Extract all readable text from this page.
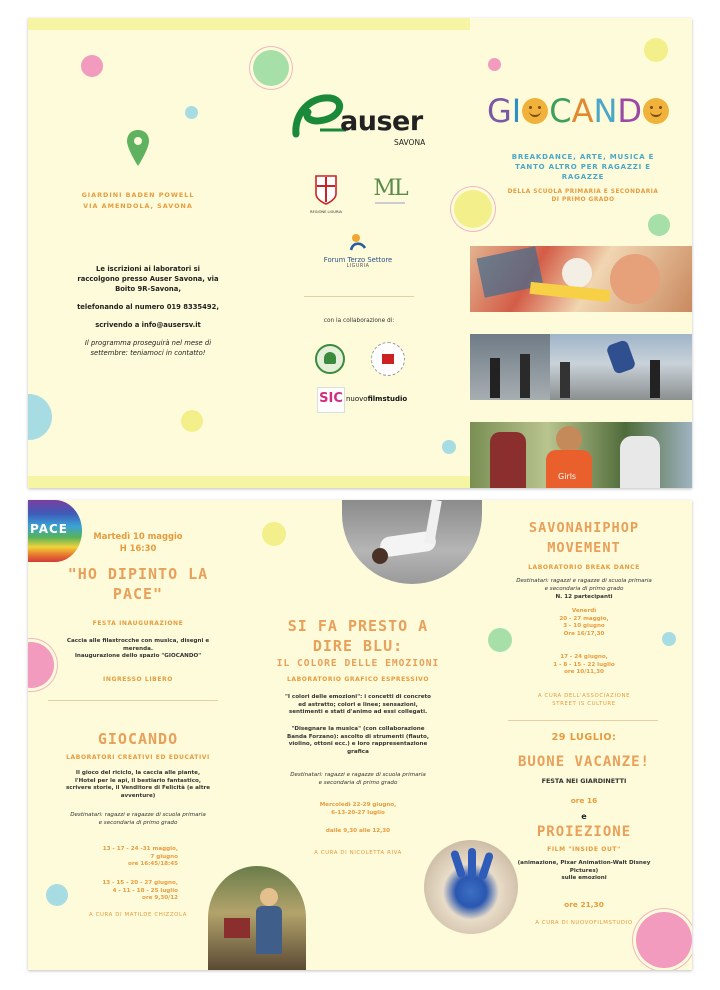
GIARDINI BADEN POWELL
VIA AMENDOLA, SAVONA
Le iscrizioni ai laboratori si
raccolgono presso Auser Savona, via
Boito 9R-Savona,
telefonando al numero 019 8335492,
scrivendo a info@ausersv.it
Il programma proseguirà nel mese di
settembre: teniamoci in contatto!
auser
SAVONA
REGIONE LIGURIA
ML
Forum Terzo Settore
LIGURIA
con la collaborazione di:
SIC nuovofilmstudio
GI CAND
BREAKDANCE, ARTE, MUSICA E
TANTO ALTRO PER RAGAZZI E
RAGAZZE
DELLA SCUOLA PRIMARIA E SECONDARIA
DI PRIMO GRADO
Girls
PACE	Martedì 10 maggio
H 16:30
"HO DIPINTO LA
PACE"
FESTA INAUGURAZIONE
Caccia alle filastrocche con musica, disegni e
merenda.
Inaugurazione dello spazio "GIOCANDO"
INGRESSO LIBERO
GIOCANDO
LABORATORI CREATIVI ED EDUCATIVI
Il gioco del riciclo, la caccia alle piante,
l'Hotel per le api, il bestiario fantastico,
scrivere storie, il Venditore di Felicità (e altre
avventure)
Destinatari: ragazzi e ragazze di scuola primaria
e secondaria di primo grado
13 - 17 - 24 -31 maggio,
7 giugno
ore 16:45/18:45
13 - 15 - 20 - 27 giugno,
4 - 11 - 18 - 25 luglio
ore 9,30/12
A CURA DI MATILDE CHIZZOLA
SI FA PRESTO A
DIRE BLU:
IL COLORE DELLE EMOZIONI
LABORATORIO GRAFICO ESPRESSIVO
"I colori delle emozioni": i concetti di concreto
ed astratto; colori e linee; sensazioni,
sentimenti e stati d'animo ad essi collegati.
"Disegnare la musica" (con collaborazione
Banda Forzano): ascolto di strumenti (flauto,
violino, ottoni ecc.) e loro rappresentazione
grafica
Destinatari: ragazzi e ragazze di scuola primaria
e secondaria di primo grado
Mercoledì 22-29 giugno,
6-13-20-27 luglio
dalle 9,30 alle 12,30
A CURA DI NICOLETTA RIVA
SAVONAHIPHOP
MOVEMENT
LABORATORIO BREAK DANCE
Destinatari: ragazzi e ragazze di scuola primaria
e secondaria di primo grado
N. 12 partecipanti
Venerdì
20 - 27 maggio,
3 - 10 giugno
Ore 16/17,30
17 - 24 giugno,
1 - 8 - 15 - 22 luglio
ore 10/11,30
A CURA DELL'ASSOCIAZIONE
STREET IS CULTURE
29 LUGLIO:
BUONE VACANZE!
FESTA NEI GIARDINETTI
ore 16
e
PROIEZIONE
FILM "INSIDE OUT"
(animazione, Pixar Animation-Walt Disney
Pictures)
sulle emozioni
ore 21,30
A CURA DI NUOVOFILMSTUDIO
